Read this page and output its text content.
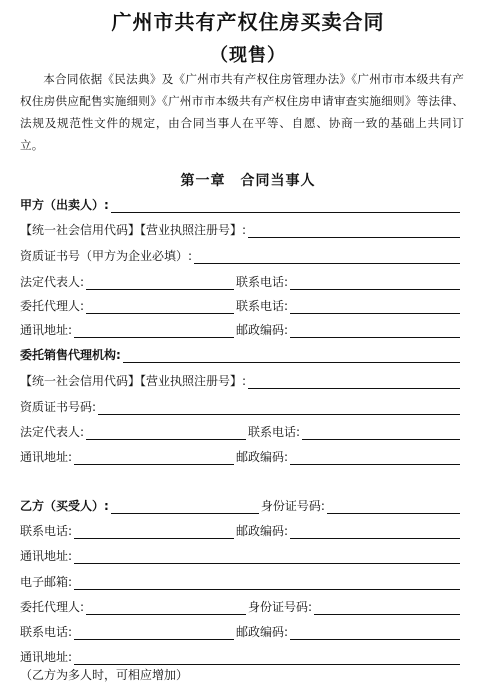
广州市共有产权住房买卖合同
（现售）
本合同依据《民法典》及《广州市共有产权住房管理办法》《广州市市本级共有产权住房供应配售实施细则》《广州市市本级共有产权住房申请审查实施细则》等法律、法规及规范性文件的规定，由合同当事人在平等、自愿、协商一致的基础上共同订立。
第一章　合同当事人
甲方（出卖人）:
【统一社会信用代码】【营业执照注册号】:
资质证书号（甲方为企业必填）:
法定代表人:	联系电话:
委托代理人:	联系电话:
通讯地址:	邮政编码:
委托销售代理机构:
【统一社会信用代码】【营业执照注册号】:
资质证书号码:
法定代表人:	联系电话:
通讯地址:	邮政编码:
乙方（买受人）:	身份证号码:
联系电话:	邮政编码:
通讯地址:
电子邮箱:
委托代理人:	身份证号码:
联系电话:	邮政编码:
通讯地址:
（乙方为多人时，可相应增加）
